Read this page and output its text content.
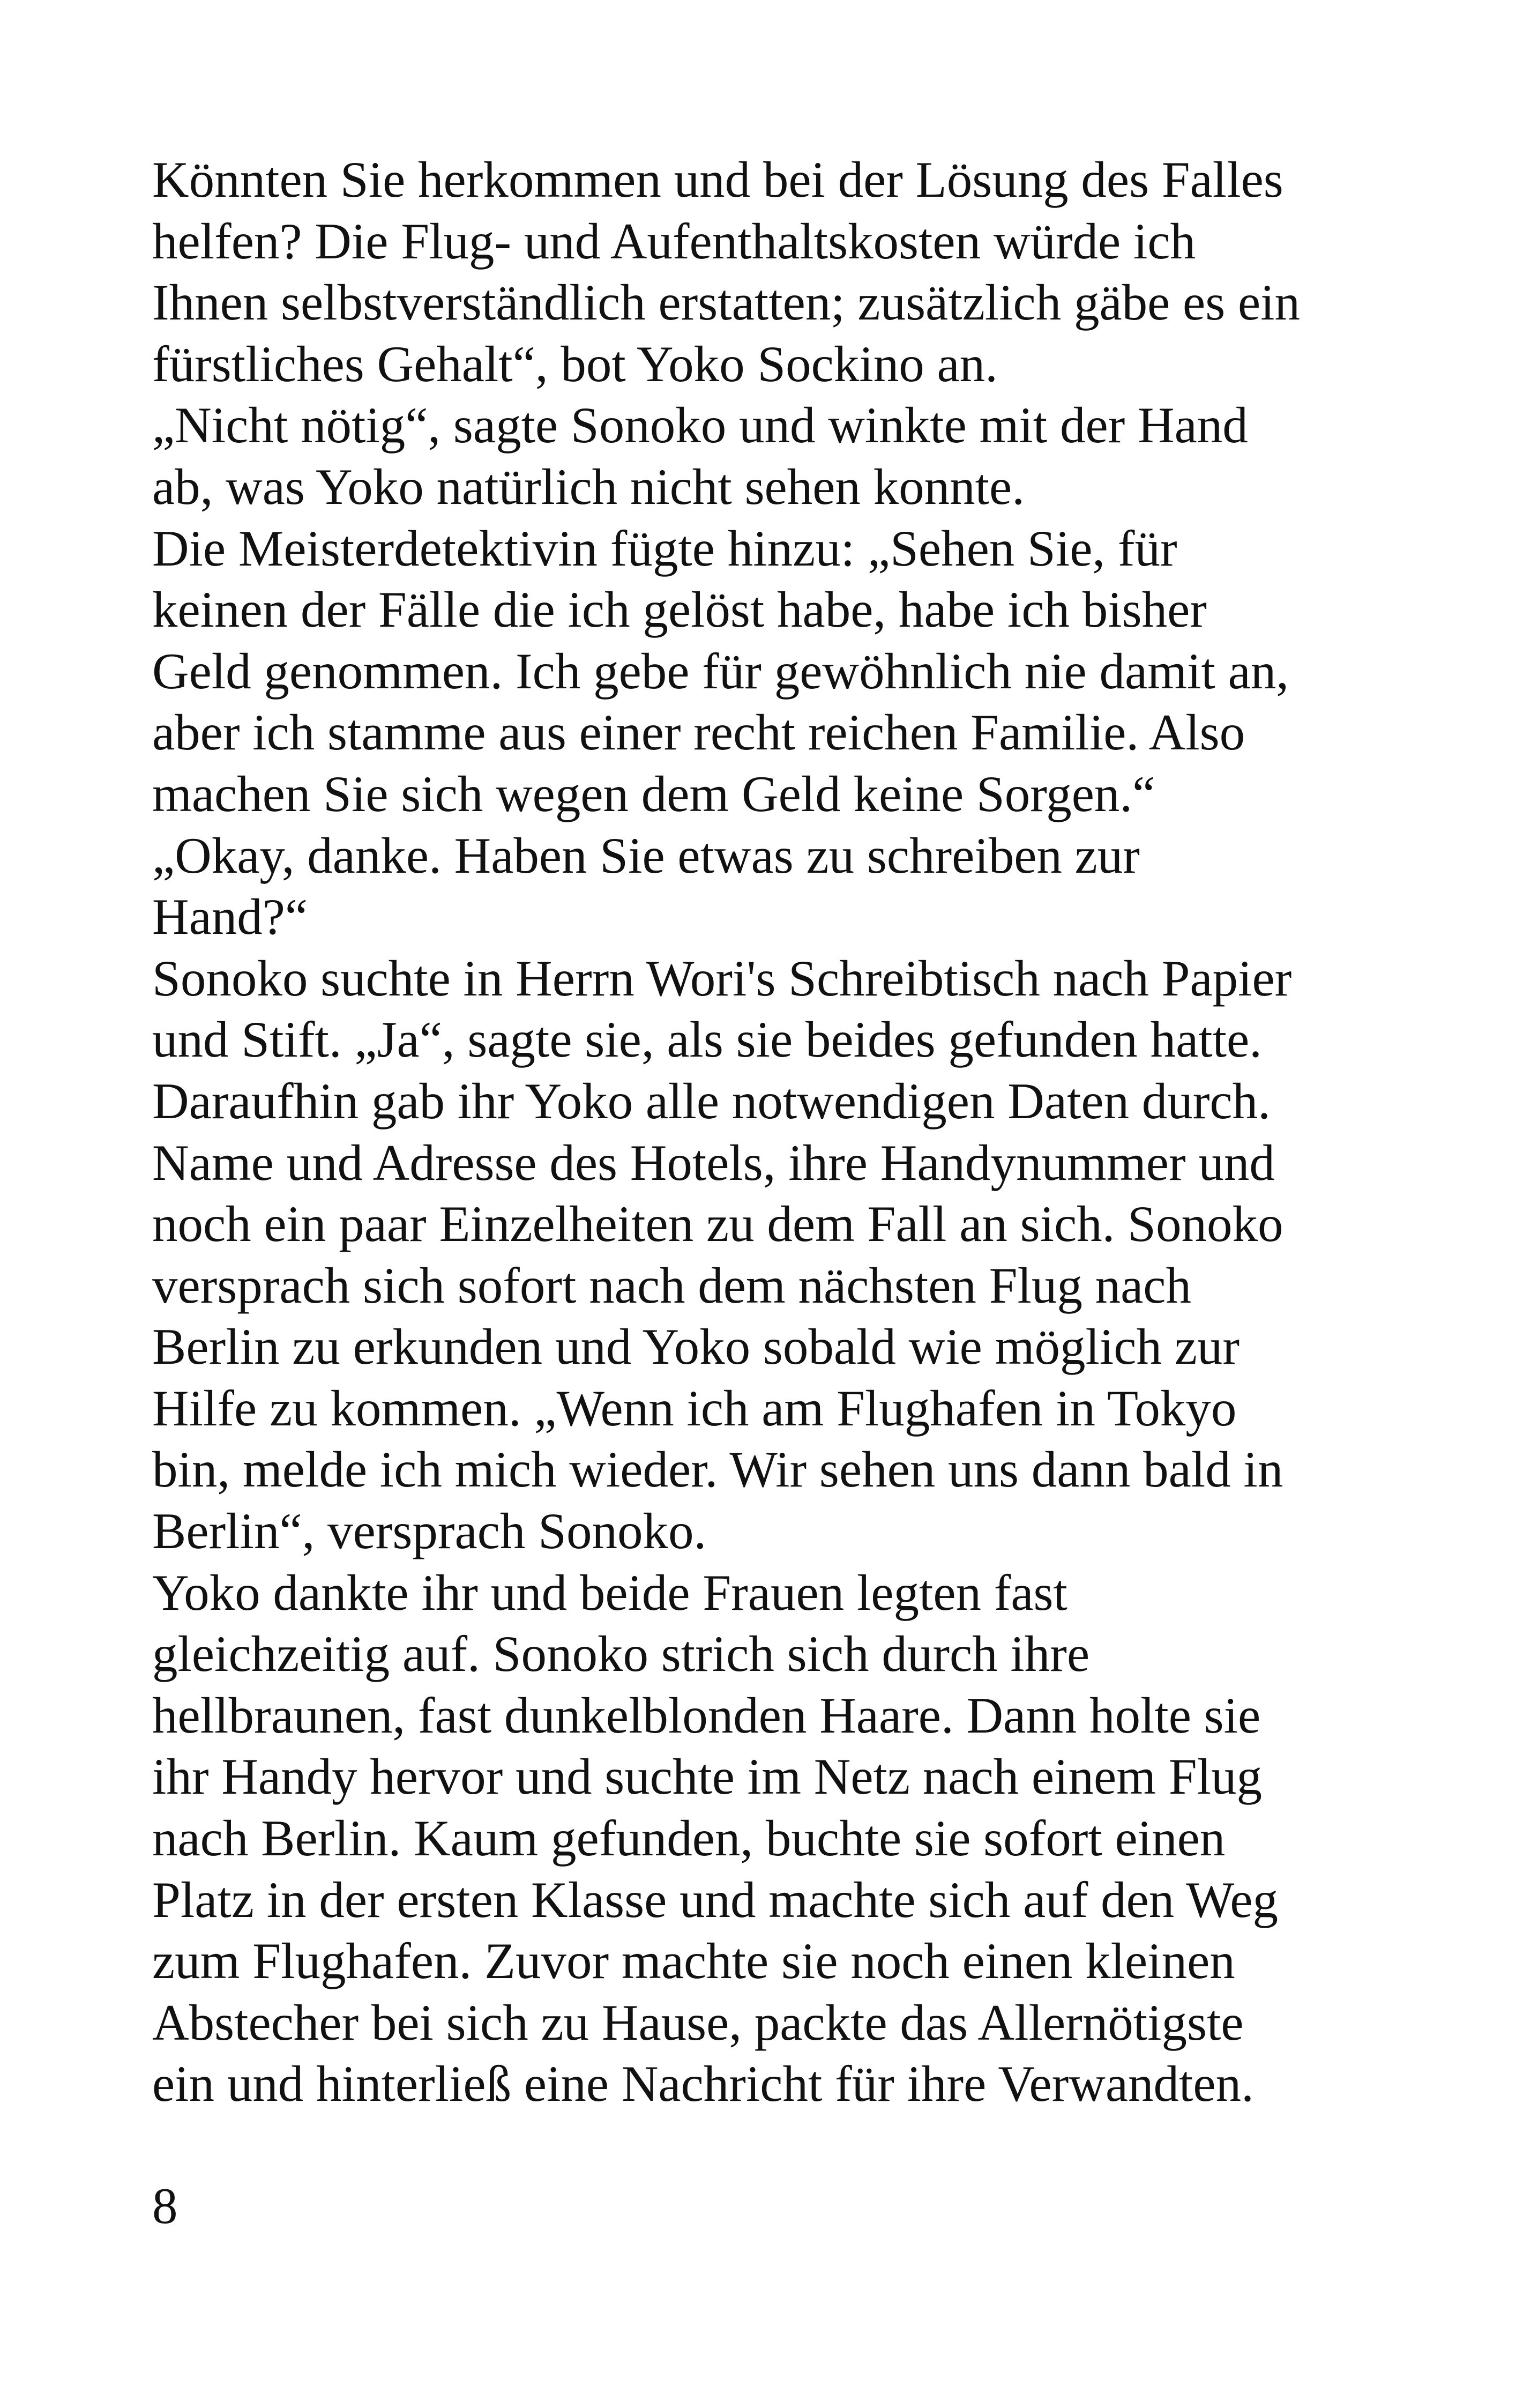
Könnten Sie herkommen und bei der Lösung des Falles
helfen? Die Flug- und Aufenthaltskosten würde ich
Ihnen selbstverständlich erstatten; zusätzlich gäbe es ein
fürstliches Gehalt“, bot Yoko Sockino an.
„Nicht nötig“, sagte Sonoko und winkte mit der Hand
ab, was Yoko natürlich nicht sehen konnte.
Die Meisterdetektivin fügte hinzu: „Sehen Sie, für
keinen der Fälle die ich gelöst habe, habe ich bisher
Geld genommen. Ich gebe für gewöhnlich nie damit an,
aber ich stamme aus einer recht reichen Familie. Also
machen Sie sich wegen dem Geld keine Sorgen.“
„Okay, danke. Haben Sie etwas zu schreiben zur
Hand?“
Sonoko suchte in Herrn Wori's Schreibtisch nach Papier
und Stift. „Ja“, sagte sie, als sie beides gefunden hatte.
Daraufhin gab ihr Yoko alle notwendigen Daten durch.
Name und Adresse des Hotels, ihre Handynummer und
noch ein paar Einzelheiten zu dem Fall an sich. Sonoko
versprach sich sofort nach dem nächsten Flug nach
Berlin zu erkunden und Yoko sobald wie möglich zur
Hilfe zu kommen. „Wenn ich am Flughafen in Tokyo
bin, melde ich mich wieder. Wir sehen uns dann bald in
Berlin“, versprach Sonoko.
Yoko dankte ihr und beide Frauen legten fast
gleichzeitig auf. Sonoko strich sich durch ihre
hellbraunen, fast dunkelblonden Haare. Dann holte sie
ihr Handy hervor und suchte im Netz nach einem Flug
nach Berlin. Kaum gefunden, buchte sie sofort einen
Platz in der ersten Klasse und machte sich auf den Weg
zum Flughafen. Zuvor machte sie noch einen kleinen
Abstecher bei sich zu Hause, packte das Allernötigste
ein und hinterließ eine Nachricht für ihre Verwandten.
8
